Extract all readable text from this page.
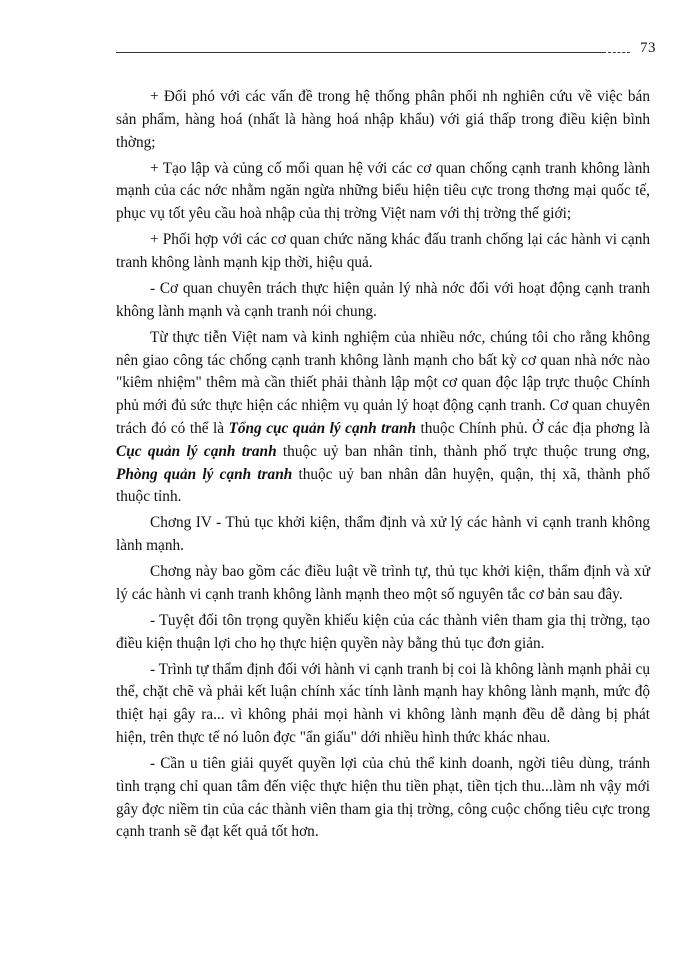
73

+ Đối phó với các vấn đề trong hệ thống phân phối nh nghiên cứu về việc bán sản phẩm, hàng hoá (nhất là hàng hoá nhập khẩu) với giá thấp trong điều kiện bình thờng;

+ Tạo lập và củng cố mối quan hệ với các cơ quan chống cạnh tranh không lành mạnh của các nớc nhằm ngăn ngừa những biểu hiện tiêu cực trong thơng mại quốc tế, phục vụ tốt yêu cầu hoà nhập của thị trờng Việt nam với thị trờng thế giới;

+ Phối hợp với các cơ quan chức năng khác đấu tranh chống lại các hành vi cạnh tranh không lành mạnh kịp thời, hiệu quả.

- Cơ quan chuyên trách thực hiện quản lý nhà nớc đối với hoạt động cạnh tranh không lành mạnh và cạnh tranh nói chung.

Từ thực tiễn Việt nam và kinh nghiệm của nhiều nớc, chúng tôi cho rằng không nên giao công tác chống cạnh tranh không lành mạnh cho bất kỳ cơ quan nhà nớc nào "kiêm nhiệm" thêm mà cần thiết phải thành lập một cơ quan độc lập trực thuộc Chính phủ mới đủ sức thực hiện các nhiệm vụ quản lý hoạt động cạnh tranh. Cơ quan chuyên trách đó có thể là Tổng cục quản lý cạnh tranh thuộc Chính phủ. Ở các địa phơng là Cục quản lý cạnh tranh thuộc uỷ ban nhân tỉnh, thành phố trực thuộc trung ơng, Phòng quản lý cạnh tranh thuộc uỷ ban nhân dân huyện, quận, thị xã, thành phố thuộc tỉnh.

Chơng IV - Thủ tục khởi kiện, thẩm định và xử lý các hành vi cạnh tranh không lành mạnh.

Chơng này bao gồm các điều luật về trình tự, thủ tục khởi kiện, thẩm định và xử lý các hành vi cạnh tranh không lành mạnh theo một số nguyên tắc cơ bản sau đây.

- Tuyệt đối tôn trọng quyền khiếu kiện của các thành viên tham gia thị trờng, tạo điều kiện thuận lợi cho họ thực hiện quyền này bằng thủ tục đơn giản.

- Trình tự thẩm định đối với hành vi cạnh tranh bị coi là không lành mạnh phải cụ thể, chặt chẽ và phải kết luận chính xác tính lành mạnh hay không lành mạnh, mức độ thiệt hại gây ra... vì không phải mọi hành vi không lành mạnh đều dễ dàng bị phát hiện, trên thực tế nó luôn đợc "ẩn giấu" dới nhiều hình thức khác nhau.

- Cần u tiên giải quyết quyền lợi của chủ thể kinh doanh, ngời tiêu dùng, tránh tình trạng chỉ quan tâm đến việc thực hiện thu tiền phạt, tiền tịch thu...làm nh vậy mới gây đợc niềm tin của các thành viên tham gia thị trờng, công cuộc chống tiêu cực trong cạnh tranh sẽ đạt kết quả tốt hơn.
